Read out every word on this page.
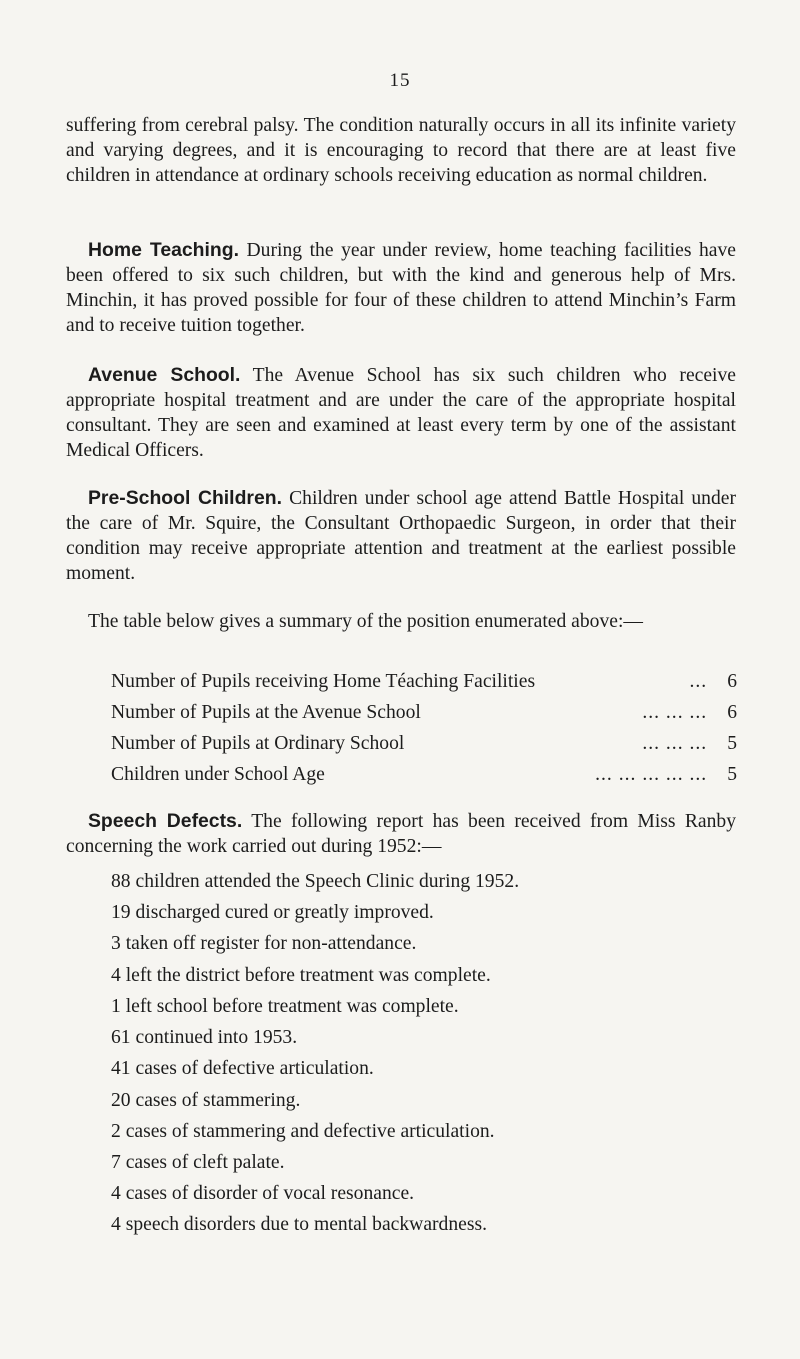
15

suffering from cerebral palsy. The condition naturally occurs in all its infinite variety and varying degrees, and it is encouraging to record that there are at least five children in attendance at ordinary schools receiving education as normal children.

Home Teaching. During the year under review, home teaching facilities have been offered to six such children, but with the kind and generous help of Mrs. Minchin, it has proved possible for four of these children to attend Minchin’s Farm and to receive tuition together.

Avenue School. The Avenue School has six such children who receive appropriate hospital treatment and are under the care of the appropriate hospital consultant. They are seen and examined at least every term by one of the assistant Medical Officers.

Pre-School Children. Children under school age attend Battle Hospital under the care of Mr. Squire, the Consultant Orthopaedic Surgeon, in order that their condition may receive appropriate attention and treatment at the earliest possible moment.

The table below gives a summary of the position enumerated above:—

Number of Pupils receiving Home Téaching Facilities	...	6
Number of Pupils at the Avenue School	... ... ...	6
Number of Pupils at Ordinary School	... ... ...	5
Children under School Age	... ... ... ... ...	5

Speech Defects. The following report has been received from Miss Ranby concerning the work carried out during 1952:—

88 children attended the Speech Clinic during 1952.
19 discharged cured or greatly improved.
3 taken off register for non-attendance.
4 left the district before treatment was complete.
1 left school before treatment was complete.
61 continued into 1953.
41 cases of defective articulation.
20 cases of stammering.
2 cases of stammering and defective articulation.
7 cases of cleft palate.
4 cases of disorder of vocal resonance.
4 speech disorders due to mental backwardness.
